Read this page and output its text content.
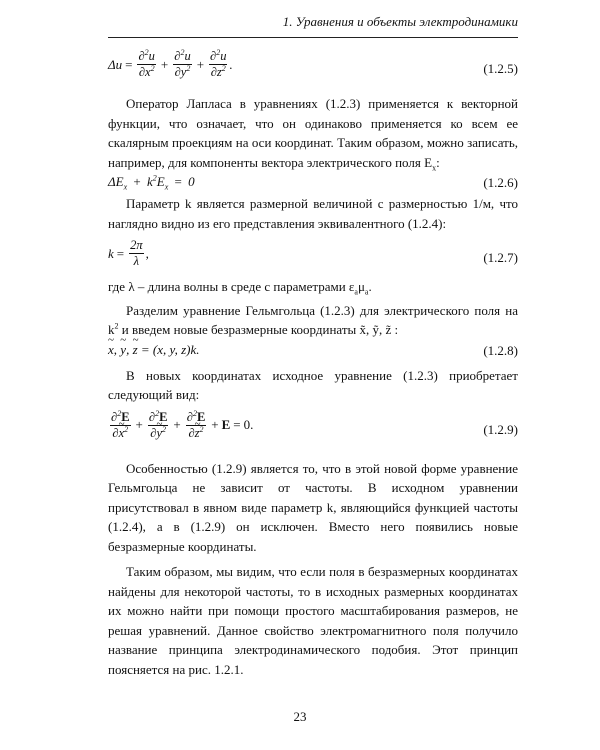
1. Уравнения и объекты электродинамики
$\Delta u = \frac{\partial^2u}{\partial x^2} + \frac{\partial^2u}{\partial y^2} + \frac{\partial^2u}{\partial z^2}$ .	(1.2.5)

Оператор Лапласа в уравнениях (1.2.3) применяется к векторной функции, что означает, что он одинаково применяется ко всем ее скалярным проекциям на оси координат. Таким образом, можно записать, например, для компоненты вектора электрического поля $E_x$:

$\Delta E_x + k^2E_x = 0$	(1.2.6)

Параметр k является размерной величиной с размерностью 1/м, что наглядно видно из его представления эквивалентного (1.2.4):

$k = \frac{2\pi}{\lambda}$ ,	(1.2.7)

где λ – длина волны в среде с параметрами $\varepsilon_a\mu_a$.

Разделим уравнение Гельмгольца (1.2.3) для электрического поля на $k^2$ и введем новые безразмерные координаты x̃, ỹ, z̃ :

~ x, ~ y, ~ z = (x, y, z)k.	(1.2.8)

В новых координатах исходное уравнение (1.2.3) приобретает следующий вид:

$\frac{\partial^2E}{\partial\sim x^2} + \frac{\partial^2E}{\partial\sim y^2} + \frac{\partial^2E}{\partial\sim z^2} + E = 0$.	(1.2.9)

Особенностью (1.2.9) является то, что в этой новой форме уравнение Гельмгольца не зависит от частоты. В исходном уравнении присутствовал в явном виде параметр k, являющийся функцией частоты (1.2.4), а в (1.2.9) он исключен. Вместо него появились новые безразмерные координаты.

Таким образом, мы видим, что если поля в безразмерных координатах найдены для некоторой частоты, то в исходных размерных координатах их можно найти при помощи простого масштабирования размеров, не решая уравнений. Данное свойство электромагнитного поля получило название принципа электродинамического подобия. Этот принцип поясняется на рис. 1.2.1.

23
